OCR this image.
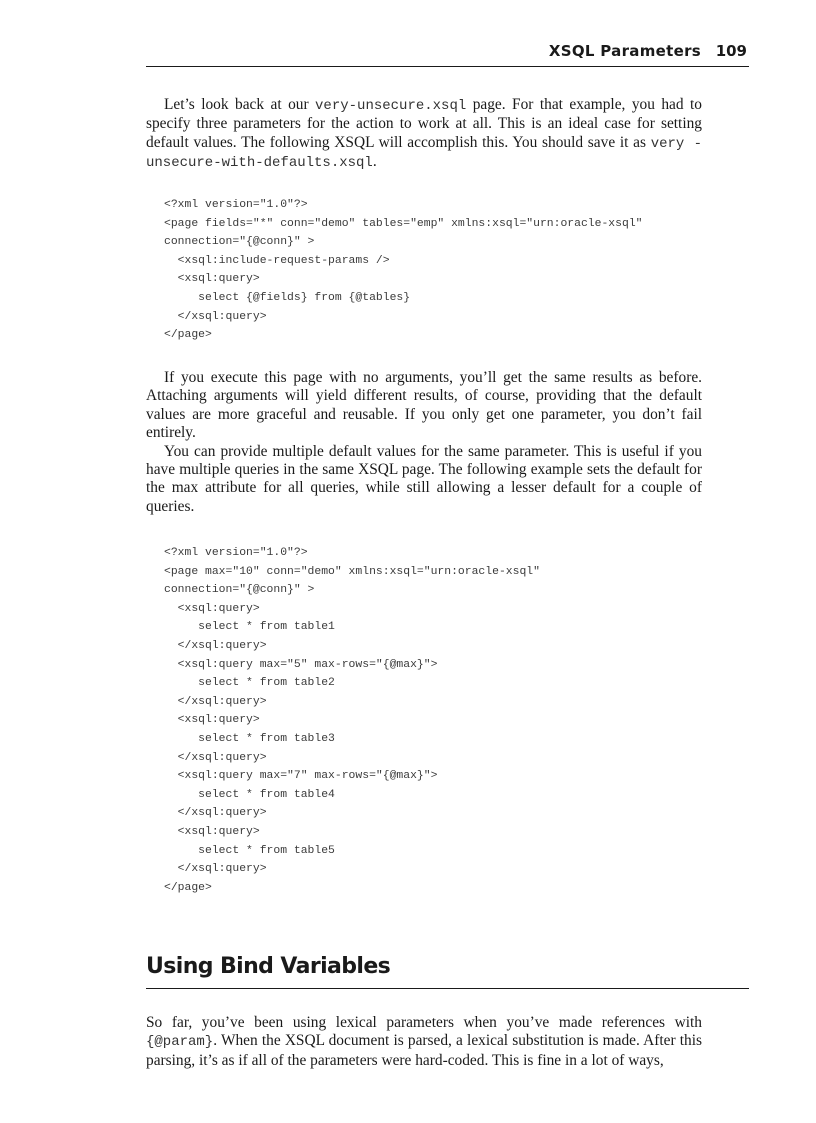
XSQL Parameters 109

Let’s look back at our very-unsecure.xsql page. For that example, you had to specify three parameters for the action to work at all. This is an ideal case for setting default values. The following XSQL will accomplish this. You should save it as very -unsecure-with-defaults.xsql.

<?xml version="1.0"?>
<page fields="*" conn="demo" tables="emp" xmlns:xsql="urn:oracle-xsql"
connection="{@conn}" >
<xsql:include-request-params />
<xsql:query>
select {@fields} from {@tables}
</xsql:query>
</page>

If you execute this page with no arguments, you’ll get the same results as before. Attaching arguments will yield different results, of course, providing that the default values are more graceful and reusable. If you only get one parameter, you don’t fail entirely.

You can provide multiple default values for the same parameter. This is useful if you have multiple queries in the same XSQL page. The following example sets the default for the max attribute for all queries, while still allowing a lesser default for a couple of queries.

<?xml version="1.0"?>
<page max="10" conn="demo" xmlns:xsql="urn:oracle-xsql"
connection="{@conn}" >
<xsql:query>
select * from table1
</xsql:query>
<xsql:query max="5" max-rows="{@max}">
select * from table2
</xsql:query>
<xsql:query>
select * from table3
</xsql:query>
<xsql:query max="7" max-rows="{@max}">
select * from table4
</xsql:query>
<xsql:query>
select * from table5
</xsql:query>
</page>
Using Bind Variables

So far, you’ve been using lexical parameters when you’ve made references with {@param}. When the XSQL document is parsed, a lexical substitution is made. After this parsing, it’s as if all of the parameters were hard-coded. This is fine in a lot of ways,
